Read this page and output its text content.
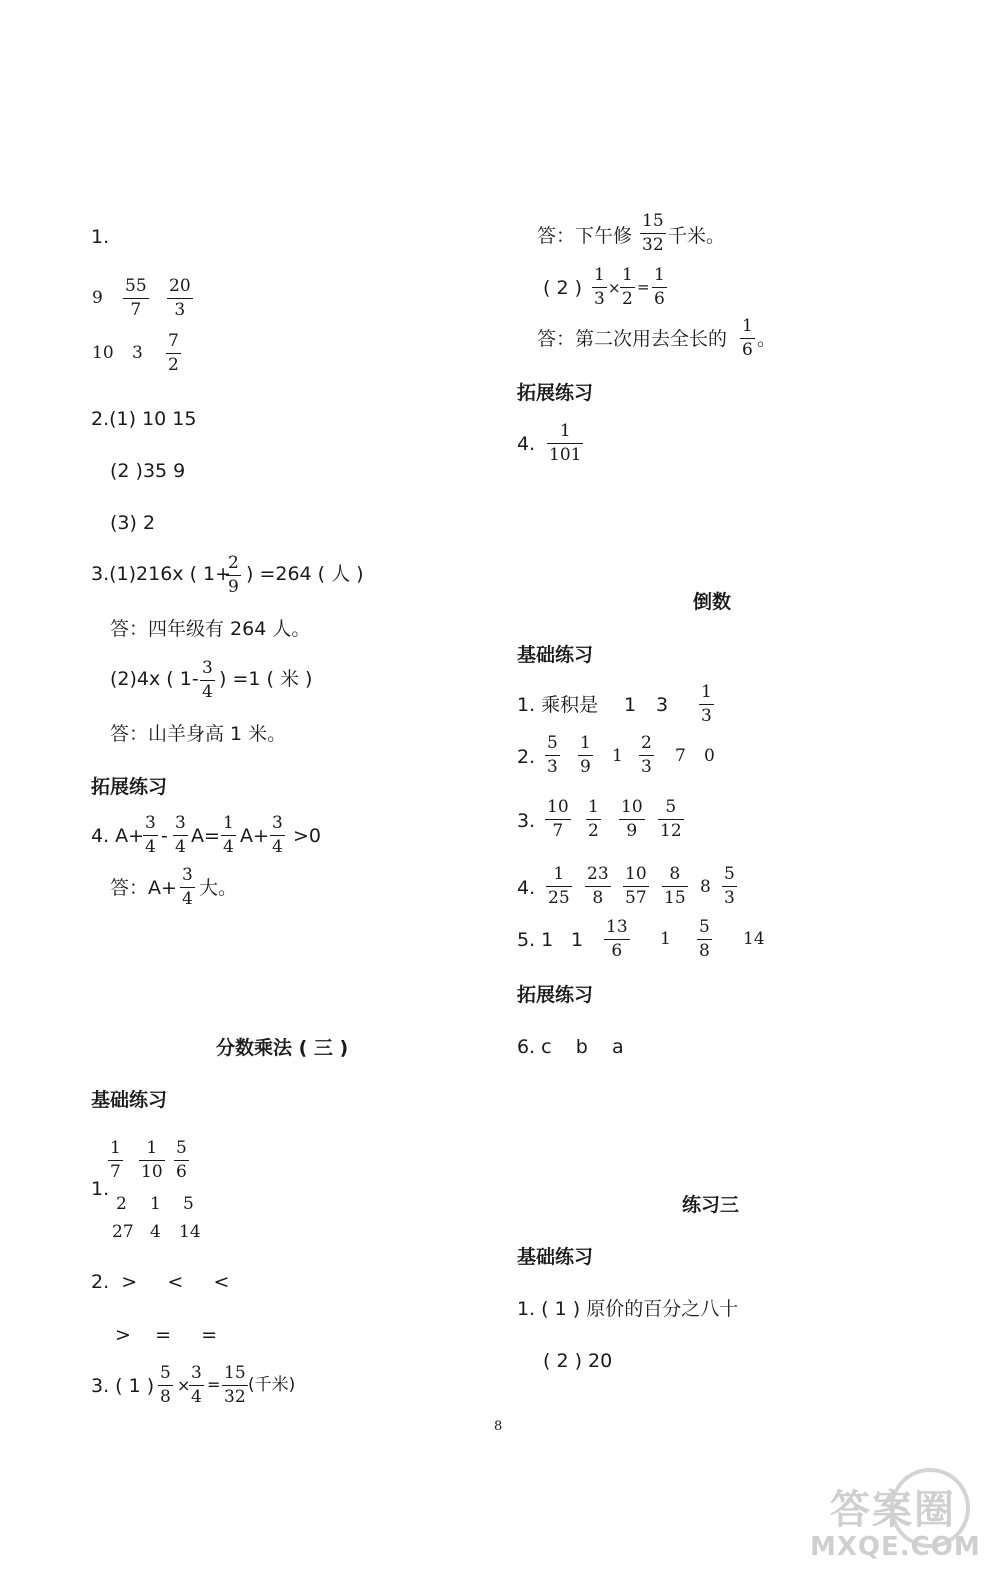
1.
9
55
7
20
3
10 3
7
2
2.(1) 10 15
(2 )35 9
(3) 2
3.(1)216x ( 1+
2
9
) =264 ( 人 )
答：四年级有 264 人。
(2)4x ( 1- 3
4
) =1 ( 米 )
答：山羊身高 1 米。
拓展练习
4. A+
3
4 -
3
4 A=
1
4 A+
3
4 >0
答：A+
3
4 大。
分数乘法 ( 三 )
基础练习
1.
1
7
1
10
5
6
2 1 5
27 4 14
2.  >     <     <
>    =     =
3. ( 1 )
5
8
×
3
4
=
15
32
(千米)
答：下午修
15
32 千米。
( 2 )
1
3
×
1
2
=
1
6
答：第二次用去全长的
1
6 。
拓展练习
4.
1
101
倒数
基础练习
1. 乘积是 1 3
1
3
2.
5
3
1
9
1
2
3
7 0
3.
10
7
1
2
10
9
5
12
4.
1
25
23
8
10
57
8
15
8
5
3
5. 1 1
13
6
1
5
8
14
拓展练习
6. c    b    a
练习三
基础练习
1. ( 1 ) 原价的百分之八十
( 2 ) 20
8
答案圈
MXQE.COM
